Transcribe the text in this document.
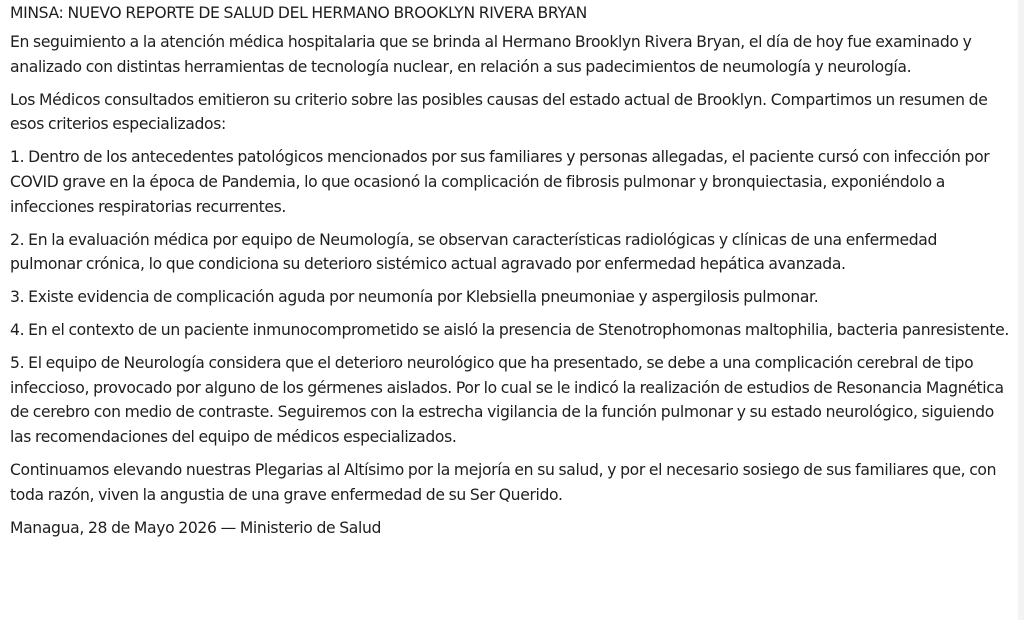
MINSA: NUEVO REPORTE DE SALUD DEL HERMANO BROOKLYN RIVERA BRYAN
En seguimiento a la atención médica hospitalaria que se brinda al Hermano Brooklyn Rivera Bryan, el día de hoy fue examinado y analizado con distintas herramientas de tecnología nuclear, en relación a sus padecimientos de neumología y neurología.
Los Médicos consultados emitieron su criterio sobre las posibles causas del estado actual de Brooklyn. Compartimos un resumen de esos criterios especializados:
1. Dentro de los antecedentes patológicos mencionados por sus familiares y personas allegadas, el paciente cursó con infección por COVID grave en la época de Pandemia, lo que ocasionó la complicación de fibrosis pulmonar y bronquiectasia, exponiéndolo a infecciones respiratorias recurrentes.
2. En la evaluación médica por equipo de Neumología, se observan características radiológicas y clínicas de una enfermedad pulmonar crónica, lo que condiciona su deterioro sistémico actual agravado por enfermedad hepática avanzada.
3. Existe evidencia de complicación aguda por neumonía por Klebsiella pneumoniae y aspergilosis pulmonar.
4. En el contexto de un paciente inmunocomprometido se aisló la presencia de Stenotrophomonas maltophilia, bacteria panresistente.
5. El equipo de Neurología considera que el deterioro neurológico que ha presentado, se debe a una complicación cerebral de tipo infeccioso, provocado por alguno de los gérmenes aislados. Por lo cual se le indicó la realización de estudios de Resonancia Magnética de cerebro con medio de contraste. Seguiremos con la estrecha vigilancia de la función pulmonar y su estado neurológico, siguiendo las recomendaciones del equipo de médicos especializados.
Continuamos elevando nuestras Plegarias al Altísimo por la mejoría en su salud, y por el necesario sosiego de sus familiares que, con toda razón, viven la angustia de una grave enfermedad de su Ser Querido.
Managua, 28 de Mayo 2026 — Ministerio de Salud
